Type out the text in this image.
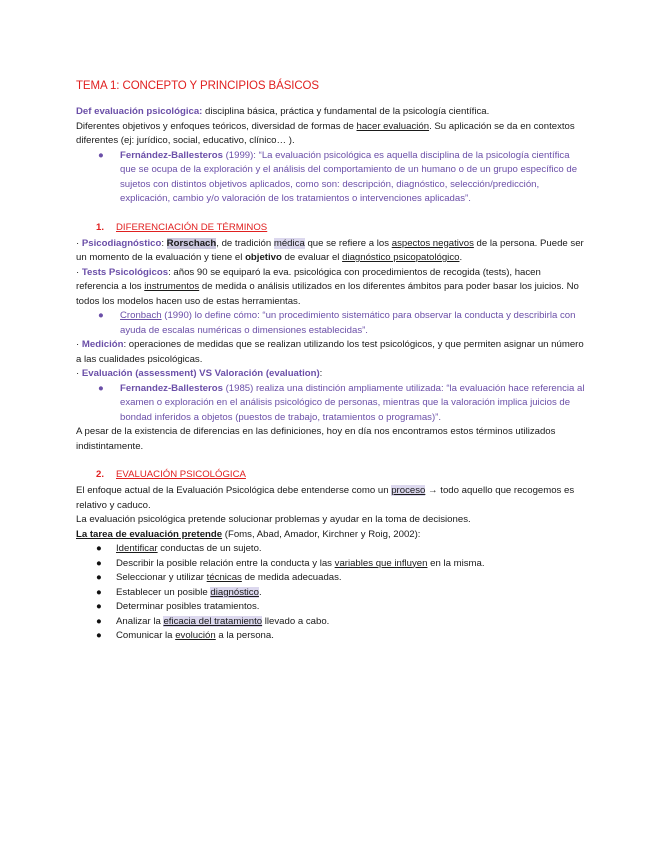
TEMA 1: CONCEPTO Y PRINCIPIOS BÁSICOS

Def evaluación psicológica: disciplina básica, práctica y fundamental de la psicología científica.
Diferentes objetivos y enfoques teóricos, diversidad de formas de hacer evaluación. Su aplicación se da en contextos diferentes (ej: jurídico, social, educativo, clínico… ).

● Fernández-Ballesteros (1999): “La evaluación psicológica es aquella disciplina de la psicología científica que se ocupa de la exploración y el análisis del comportamiento de un humano o de un grupo específico de sujetos con distintos objetivos aplicados, como son: descripción, diagnóstico, selección/predicción, explicación, cambio y/o valoración de los tratamientos o intervenciones aplicadas”.
1. DIFERENCIACIÓN DE TÉRMINOS

· Psicodiagnóstico: Rorschach, de tradición médica que se refiere a los aspectos negativos de la persona. Puede ser un momento de la evaluación y tiene el objetivo de evaluar el diagnóstico psicopatológico.

· Tests Psicológicos: años 90 se equiparó la eva. psicológica con procedimientos de recogida (tests), hacen referencia a los instrumentos de medida o análisis utilizados en los diferentes ámbitos para poder basar los juicios. No todos los modelos hacen uso de estas herramientas.

● Cronbach (1990) lo define cómo: “un procedimiento sistemático para observar la conducta y describirla con ayuda de escalas numéricas o dimensiones establecidas”.

· Medición: operaciones de medidas que se realizan utilizando los test psicológicos, y que permiten asignar un número a las cualidades psicológicas.

· Evaluación (assessment) VS Valoración (evaluation):

● Fernandez-Ballesteros (1985) realiza una distinción ampliamente utilizada: “la evaluación hace referencia al examen o exploración en el análisis psicológico de personas, mientras que la valoración implica juicios de bondad inferidos a objetos (puestos de trabajo, tratamientos o programas)”.

A pesar de la existencia de diferencias en las definiciones, hoy en día nos encontramos estos términos utilizados indistintamente.

2. EVALUACIÓN PSICOLÓGICA

El enfoque actual de la Evaluación Psicológica debe entenderse como un proceso → todo aquello que recogemos es relativo y caduco.

La evaluación psicológica pretende solucionar problemas y ayudar en la toma de decisiones.

La tarea de evaluación pretende (Foms, Abad, Amador, Kirchner y Roig, 2002):

● Identificar conductas de un sujeto.
● Describir la posible relación entre la conducta y las variables que influyen en la misma.
● Seleccionar y utilizar técnicas de medida adecuadas.
● Establecer un posible diagnóstico.
● Determinar posibles tratamientos.
● Analizar la eficacia del tratamiento llevado a cabo.
● Comunicar la evolución a la persona.
